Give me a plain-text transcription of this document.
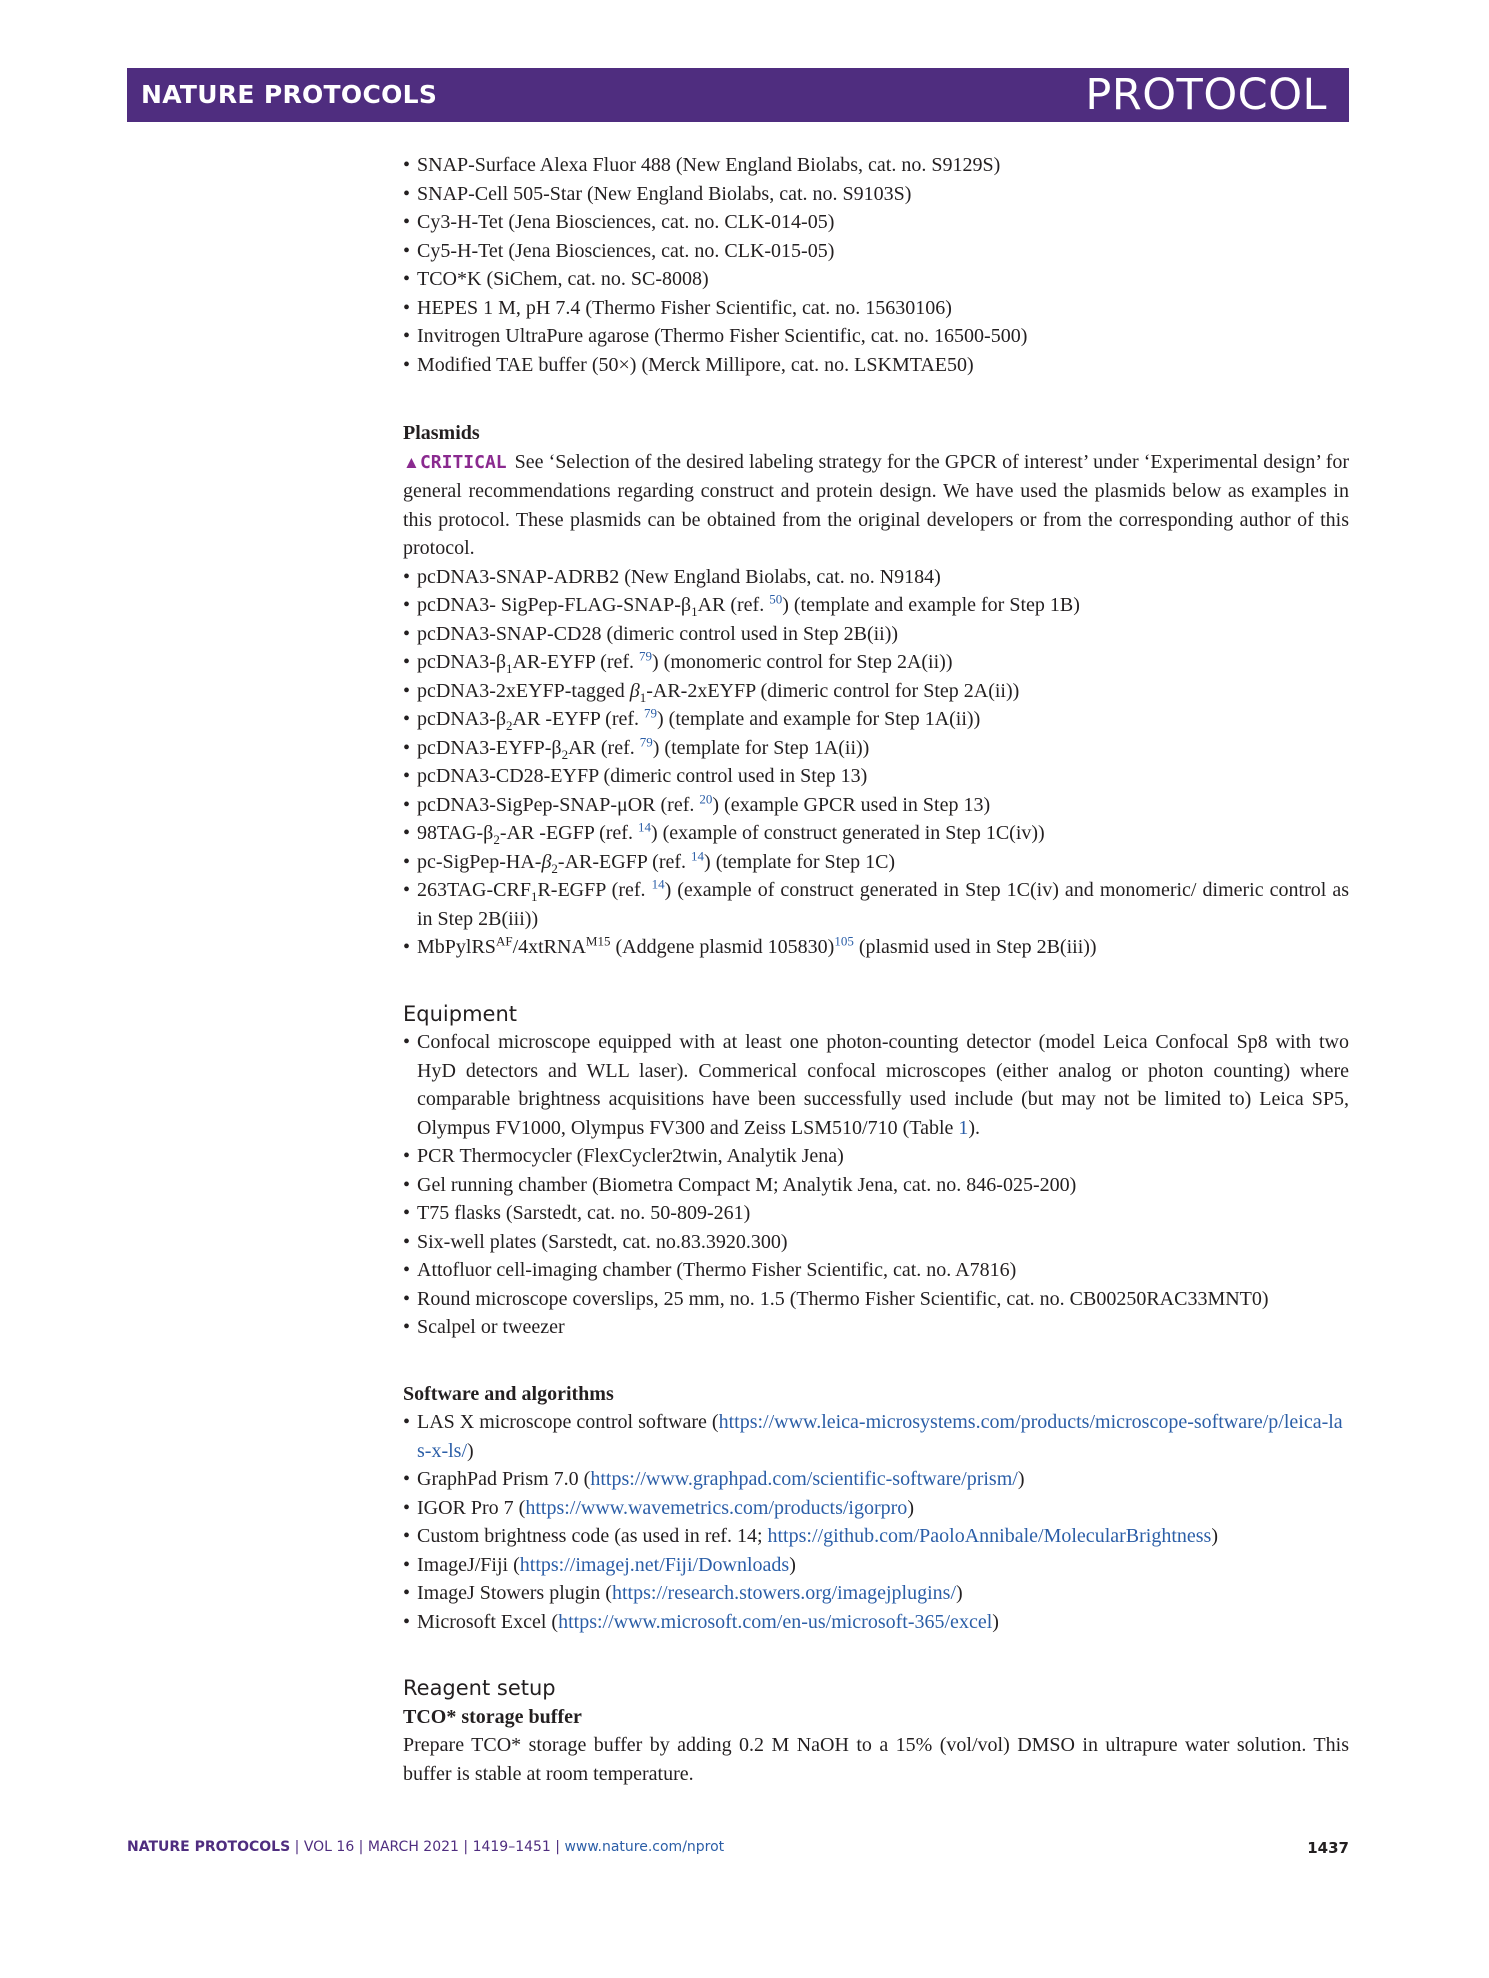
NATURE PROTOCOLS	PROTOCOL
• SNAP-Surface Alexa Fluor 488 (New England Biolabs, cat. no. S9129S)
• SNAP-Cell 505-Star (New England Biolabs, cat. no. S9103S)
• Cy3-H-Tet (Jena Biosciences, cat. no. CLK-014-05)
• Cy5-H-Tet (Jena Biosciences, cat. no. CLK-015-05)
• TCO*K (SiChem, cat. no. SC-8008)
• HEPES 1 M, pH 7.4 (Thermo Fisher Scientific, cat. no. 15630106)
• Invitrogen UltraPure agarose (Thermo Fisher Scientific, cat. no. 16500-500)
• Modified TAE buffer (50×) (Merck Millipore, cat. no. LSKMTAE50)
Plasmids
▲CRITICAL See ‘Selection of the desired labeling strategy for the GPCR of interest’ under ‘Experimental design’ for general recommendations regarding construct and protein design. We have used the plasmids below as examples in this protocol. These plasmids can be obtained from the original developers or from the corresponding author of this protocol.
• pcDNA3-SNAP-ADRB2 (New England Biolabs, cat. no. N9184)
• pcDNA3- SigPep-$FLAG-SNAP-\beta_1AR$ (ref. $^{50}$) (template and example for Step 1B)
• pcDNA3-SNAP-CD28 (dimeric control used in Step 2B(ii))
• $pcDNA3-\beta_1AR$-EYFP (ref. $^{79}$) (monomeric control for Step 2A(ii))
• pcDNA3-2xEYFP-tagged $\beta_1-AR-2xEYFP$ (dimeric control for Step 2A(ii))
• $pcDNA3-\beta_2AR$ -EYFP (ref. $^{79}$) (template and example for Step 1A(ii))
• $pcDNA3-EYFP-\beta_2AR$ (ref. $^{79}$) (template for Step 1A(ii))
• pcDNA3-CD28-EYFP (dimeric control used in Step 13)
• pcDNA3-SigPep-SNAP-μOR (ref. $^{20}$) (example GPCR used in Step 13)
• $98TAG-\beta_2-AR$ -EGFP (ref. $^{14}$) (example of construct generated in Step 1C(iv))
• $pc-SigPep-HA-\beta_2-AR$-EGFP (ref. $^{14}$) (template for Step 1C)
• $263TAG-CRF_1R$-EGFP (ref. $^{14}$) (example of construct generated in Step 1C(iv) and monomeric/ dimeric control as in Step 2B(iii))
• MbPylRS$^{AF}$/4xtRNA$^{M15}$ (Addgene plasmid 105830)$^{105}$ (plasmid used in Step 2B(iii))
Equipment
• Confocal microscope equipped with at least one photon-counting detector (model Leica Confocal Sp8 with two HyD detectors and WLL laser). Commerical confocal microscopes (either analog or photon counting) where comparable brightness acquisitions have been successfully used include (but may not be limited to) Leica SP5, Olympus FV1000, Olympus FV300 and Zeiss LSM510/710 (Table 1).
• PCR Thermocycler (FlexCycler2twin, Analytik Jena)
• Gel running chamber (Biometra Compact M; Analytik Jena, cat. no. 846-025-200)
• T75 flasks (Sarstedt, cat. no. 50-809-261)
• Six-well plates (Sarstedt, cat. no.83.3920.300)
• Attofluor cell-imaging chamber (Thermo Fisher Scientific, cat. no. A7816)
• Round microscope coverslips, 25 mm, no. 1.5 (Thermo Fisher Scientific, cat. no. CB00250RAC33MNT0)
• Scalpel or tweezer
Software and algorithms
• LAS X microscope control software (https://www.leica-microsystems.com/products/microscope-software/p/leica-las-x-ls/)
• GraphPad Prism 7.0 (https://www.graphpad.com/scientific-software/prism/)
• IGOR Pro 7 (https://www.wavemetrics.com/products/igorpro)
• Custom brightness code (as used in ref. 14; https://github.com/PaoloAnnibale/MolecularBrightness)
• ImageJ/Fiji (https://imagej.net/Fiji/Downloads)
• ImageJ Stowers plugin (https://research.stowers.org/imagejplugins/)
• Microsoft Excel (https://www.microsoft.com/en-us/microsoft-365/excel)
Reagent setup
TCO* storage buffer
Prepare TCO* storage buffer by adding 0.2 M NaOH to a 15% (vol/vol) DMSO in ultrapure water solution. This buffer is stable at room temperature.
NATURE PROTOCOLS | VOL 16 | MARCH 2021 | 1419–1451 | www.nature.com/nprot	1437
